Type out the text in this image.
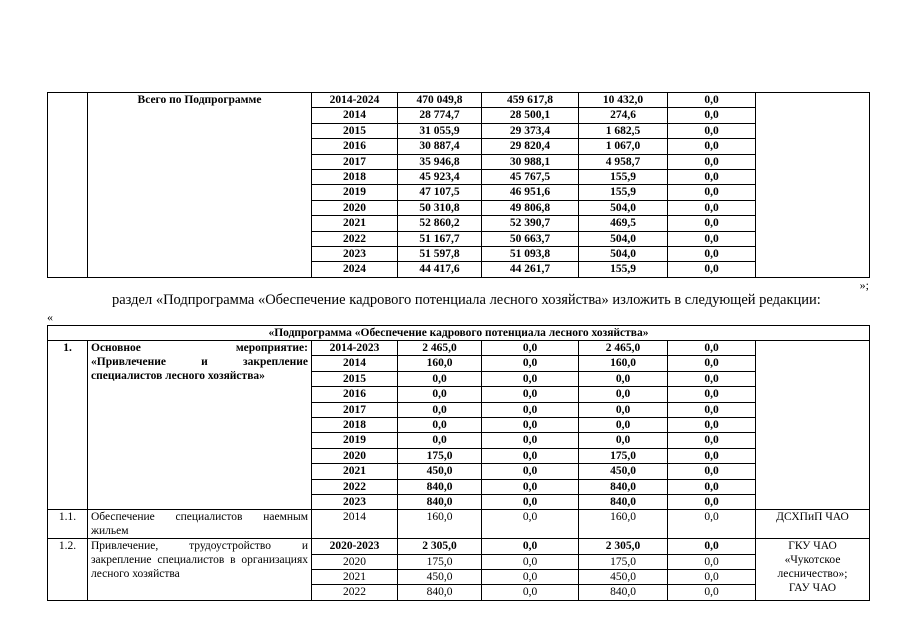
	Всего по Подпрограмме	2014-2024	470 049,8	459 617,8	10 432,0	0,0	
		2014	28 774,7	28 500,1	274,6	0,0	
		2015	31 055,9	29 373,4	1 682,5	0,0	
		2016	30 887,4	29 820,4	1 067,0	0,0	
		2017	35 946,8	30 988,1	4 958,7	0,0	
		2018	45 923,4	45 767,5	155,9	0,0	
		2019	47 107,5	46 951,6	155,9	0,0	
		2020	50 310,8	49 806,8	504,0	0,0	
		2021	52 860,2	52 390,7	469,5	0,0	
		2022	51 167,7	50 663,7	504,0	0,0	
		2023	51 597,8	51 093,8	504,0	0,0	
		2024	44 417,6	44 261,7	155,9	0,0	
»;
раздел «Подпрограмма «Обеспечение кадрового потенциала лесного хозяйства» изложить в следующей редакции:
«
«Подпрограмма «Обеспечение кадрового потенциала лесного хозяйства»							
1.	Основное мероприятие:
«Привлечение и закрепление
специалистов лесного хозяйства»	2014-2023	2 465,0	0,0	2 465,0	0,0	
		2014	160,0	0,0	160,0	0,0	
		2015	0,0	0,0	0,0	0,0	
		2016	0,0	0,0	0,0	0,0	
		2017	0,0	0,0	0,0	0,0	
		2018	0,0	0,0	0,0	0,0	
		2019	0,0	0,0	0,0	0,0	
		2020	175,0	0,0	175,0	0,0	
		2021	450,0	0,0	450,0	0,0	
		2022	840,0	0,0	840,0	0,0	
		2023	840,0	0,0	840,0	0,0	
1.1.	Обеспечение специалистов наемным жильем	2014	160,0	0,0	160,0	0,0	ДСХПиП ЧАО
1.2.	Привлечение, трудоустройство и закрепление специалистов в организациях лесного хозяйства	2020-2023	2 305,0	0,0	2 305,0	0,0	ГКУ ЧАО
«Чукотское
лесничество»;
ГАУ ЧАО

		2020	175,0	0,0	175,0	0,0	
		2021	450,0	0,0	450,0	0,0	
		2022	840,0	0,0	840,0	0,0	
